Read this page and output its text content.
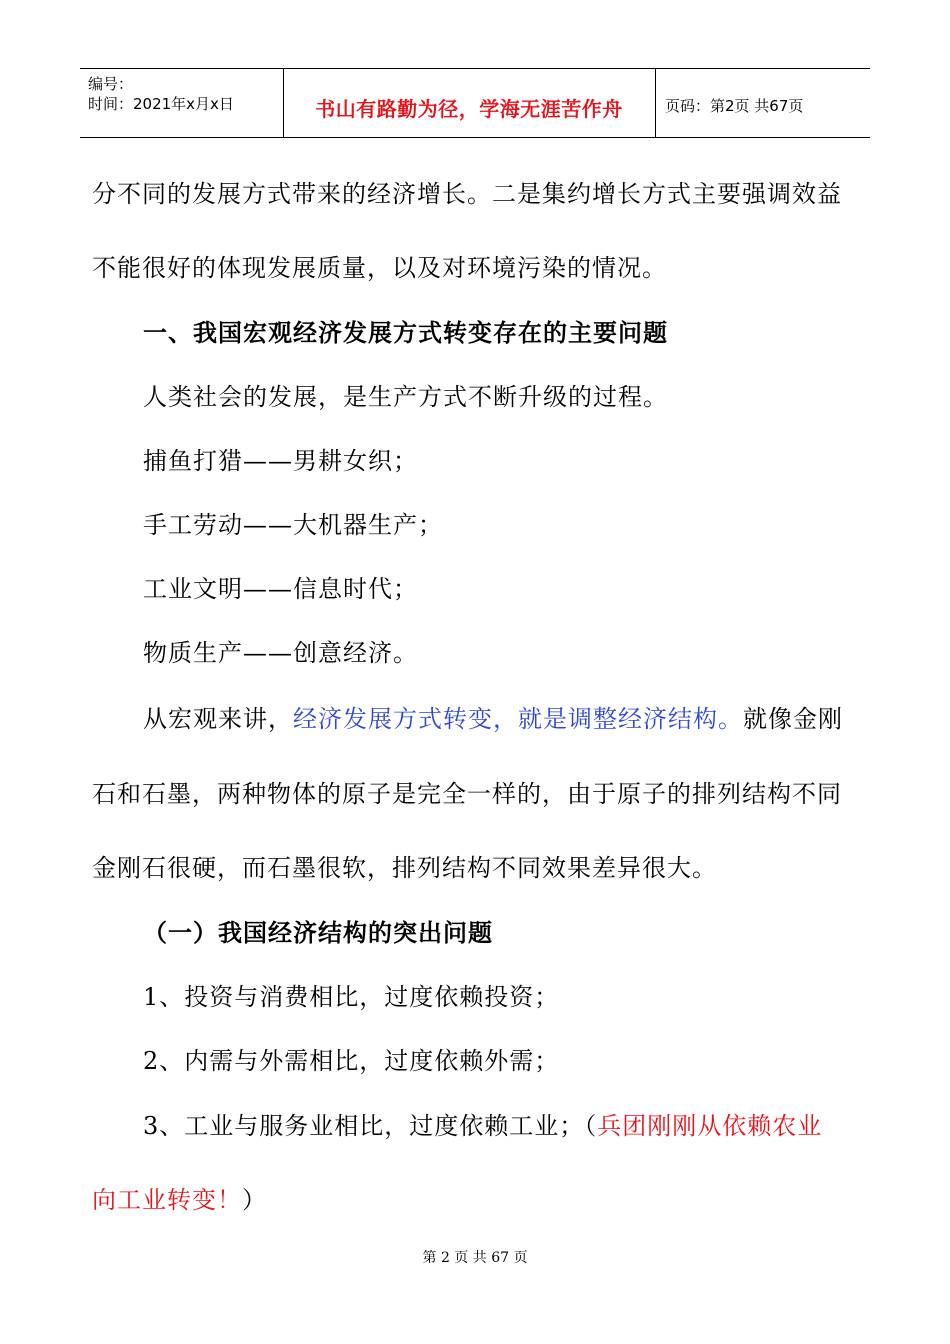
编号：
时间：2021年x月x日	书山有路勤为径，学海无涯苦作舟	页码：第2页 共67页
分不同的发展方式带来的经济增长。二是集约增长方式主要强调效益
不能很好的体现发展质量，以及对环境污染的情况。
一、我国宏观经济发展方式转变存在的主要问题
人类社会的发展，是生产方式不断升级的过程。
捕鱼打猎——男耕女织；
手工劳动——大机器生产；
工业文明——信息时代；
物质生产——创意经济。
从宏观来讲，经济发展方式转变，就是调整经济结构。就像金刚
石和石墨，两种物体的原子是完全一样的，由于原子的排列结构不同
金刚石很硬，而石墨很软，排列结构不同效果差异很大。
（一）我国经济结构的突出问题
1、投资与消费相比，过度依赖投资；
2、内需与外需相比，过度依赖外需；
3、工业与服务业相比，过度依赖工业；（兵团刚刚从依赖农业
向工业转变！）
第 2 页 共 67 页
